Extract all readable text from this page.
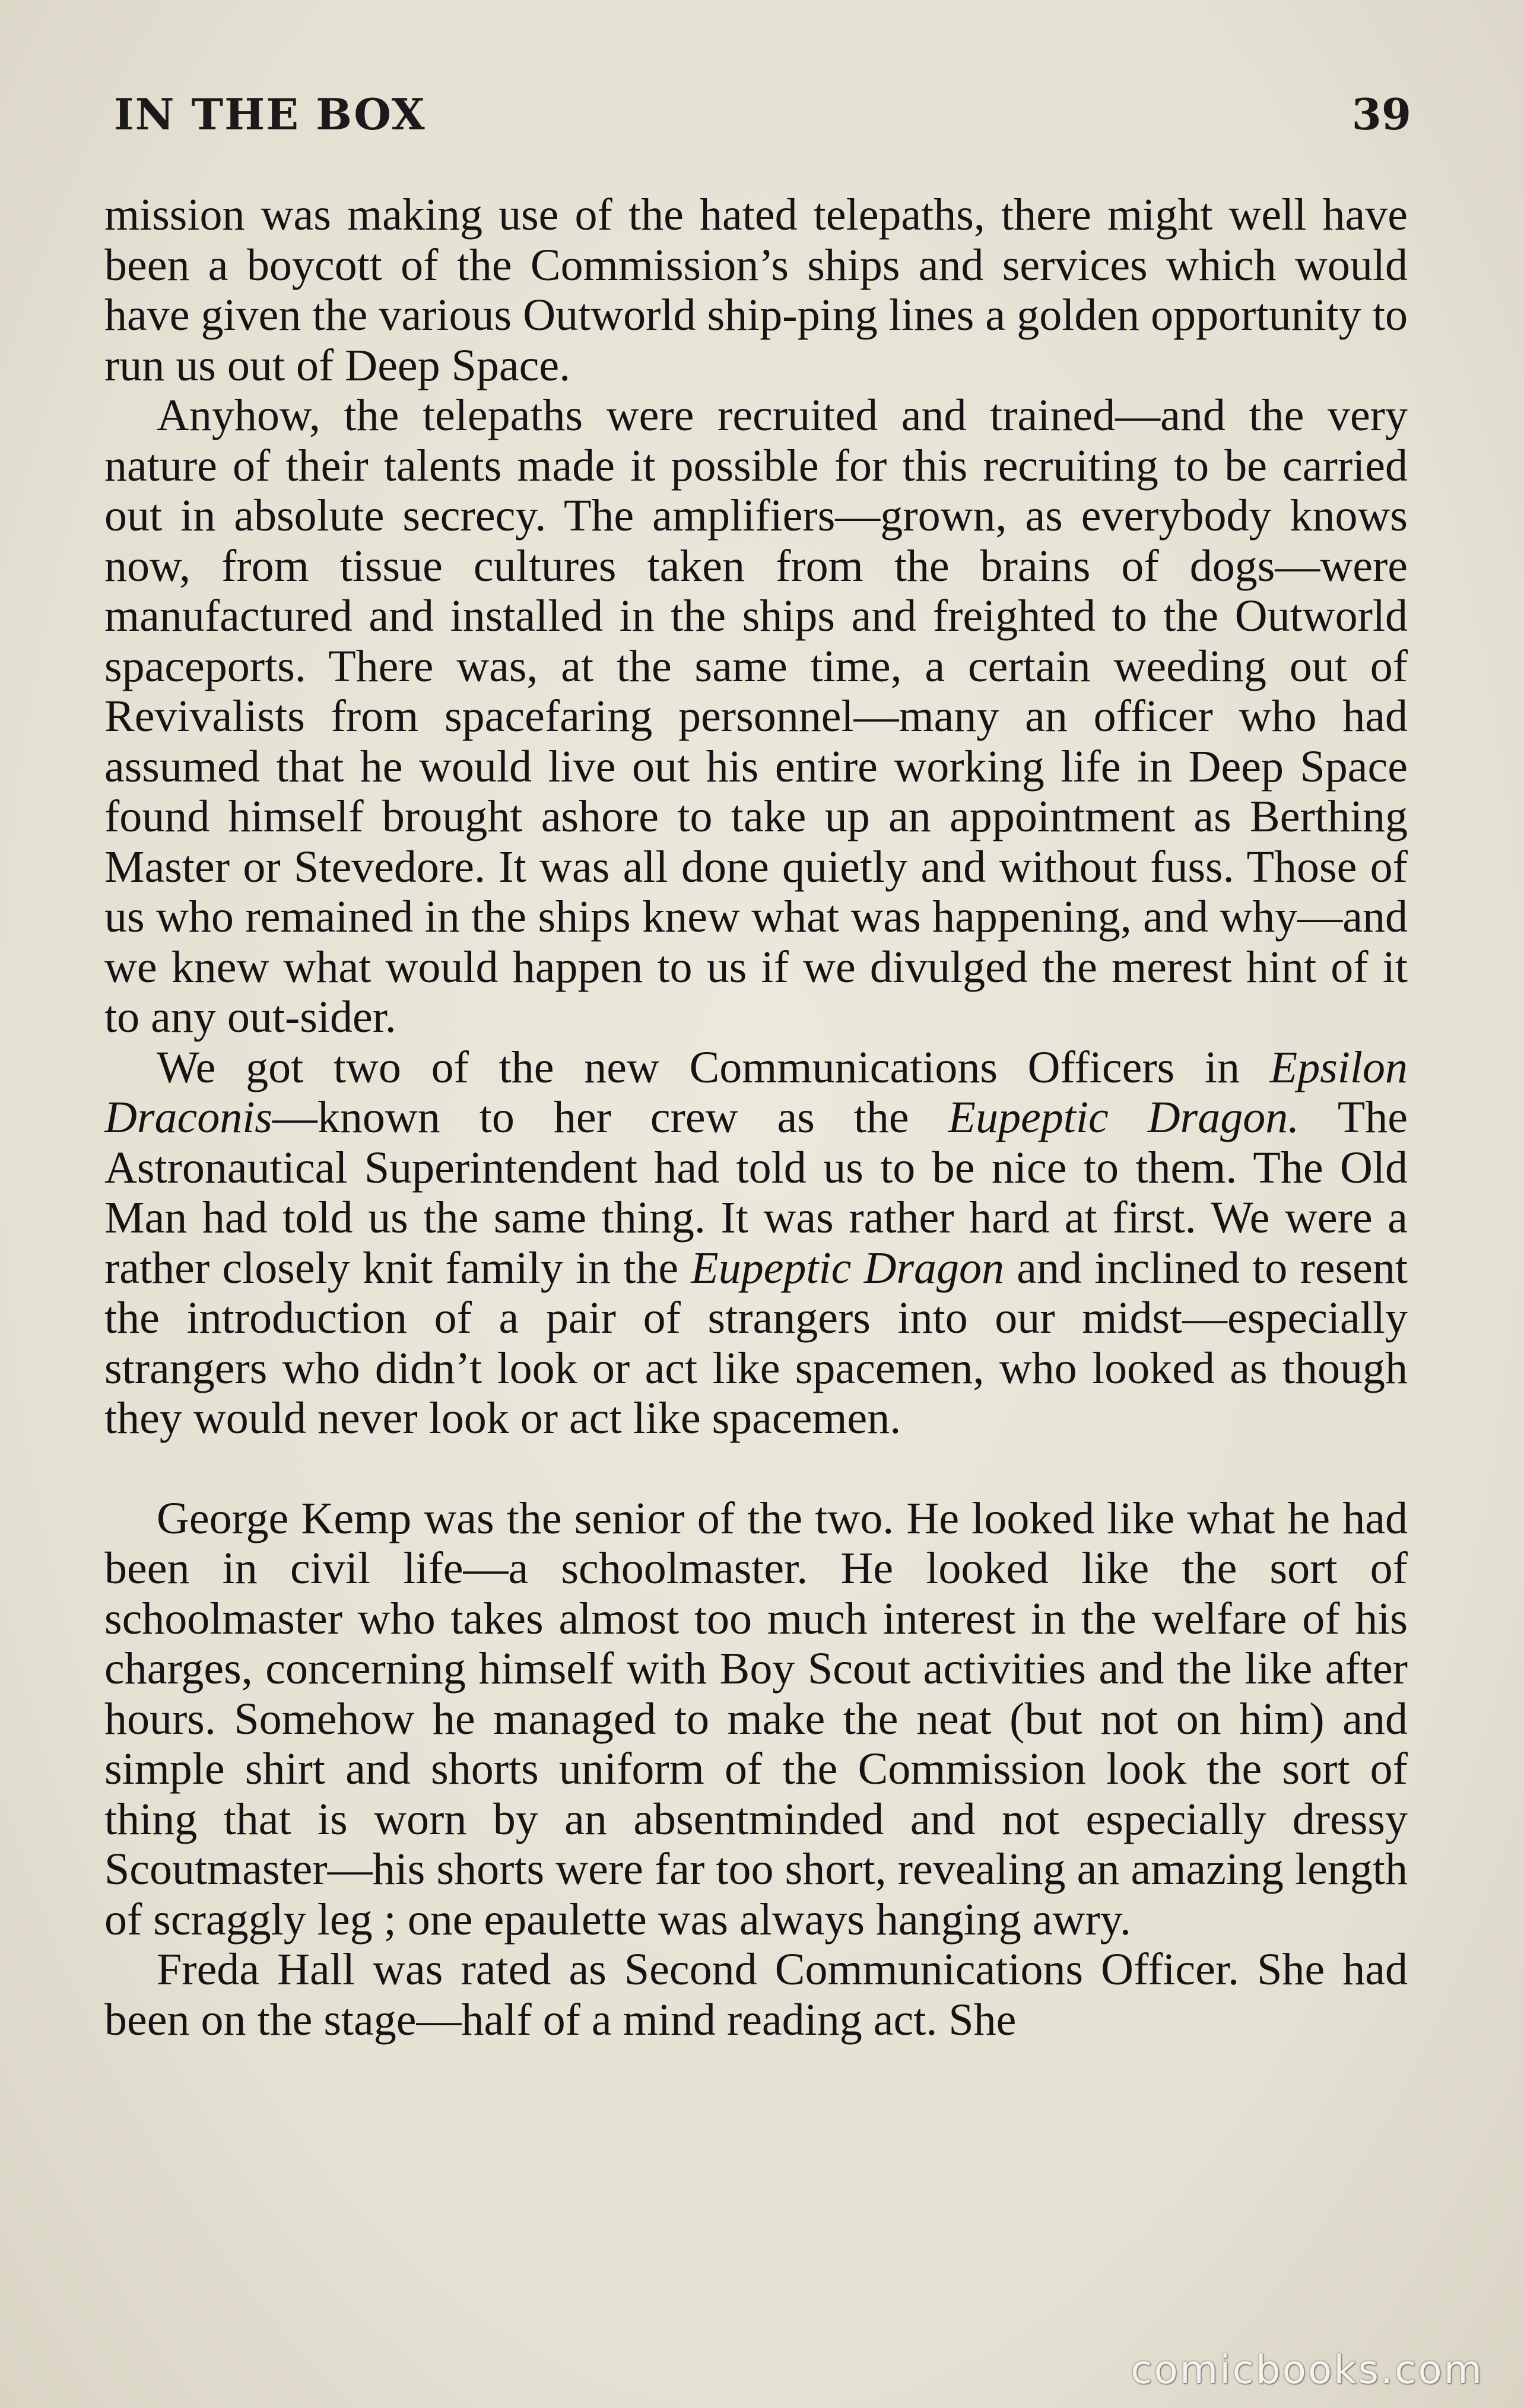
IN THE BOX	39

mission was making use of the hated telepaths, there might well have been a boycott of the Commission’s ships and services which would have given the various Outworld ship-ping lines a golden opportunity to run us out of Deep Space.

Anyhow, the telepaths were recruited and trained—and the very nature of their talents made it possible for this recruiting to be carried out in absolute secrecy. The amplifiers—grown, as everybody knows now, from tissue cultures taken from the brains of dogs—were manufactured and installed in the ships and freighted to the Outworld spaceports. There was, at the same time, a certain weeding out of Revivalists from spacefaring personnel—many an officer who had assumed that he would live out his entire working life in Deep Space found himself brought ashore to take up an appointment as Berthing Master or Stevedore. It was all done quietly and without fuss. Those of us who remained in the ships knew what was happening, and why—and we knew what would happen to us if we divulged the merest hint of it to any out-sider.

We got two of the new Communications Officers in Epsilon Draconis—known to her crew as the Eupeptic Dragon. The Astronautical Superintendent had told us to be nice to them. The Old Man had told us the same thing. It was rather hard at first. We were a rather closely knit family in the Eupeptic Dragon and inclined to resent the introduction of a pair of strangers into our midst—especially strangers who didn’t look or act like spacemen, who looked as though they would never look or act like spacemen.

George Kemp was the senior of the two. He looked like what he had been in civil life—a schoolmaster. He looked like the sort of schoolmaster who takes almost too much interest in the welfare of his charges, concerning himself with Boy Scout activities and the like after hours. Somehow he managed to make the neat (but not on him) and simple shirt and shorts uniform of the Commission look the sort of thing that is worn by an absentminded and not especially dressy Scoutmaster—his shorts were far too short, revealing an amazing length of scraggly leg ; one epaulette was always hanging awry.

Freda Hall was rated as Second Communications Officer. She had been on the stage—half of a mind reading act. She

comicbooks.com
